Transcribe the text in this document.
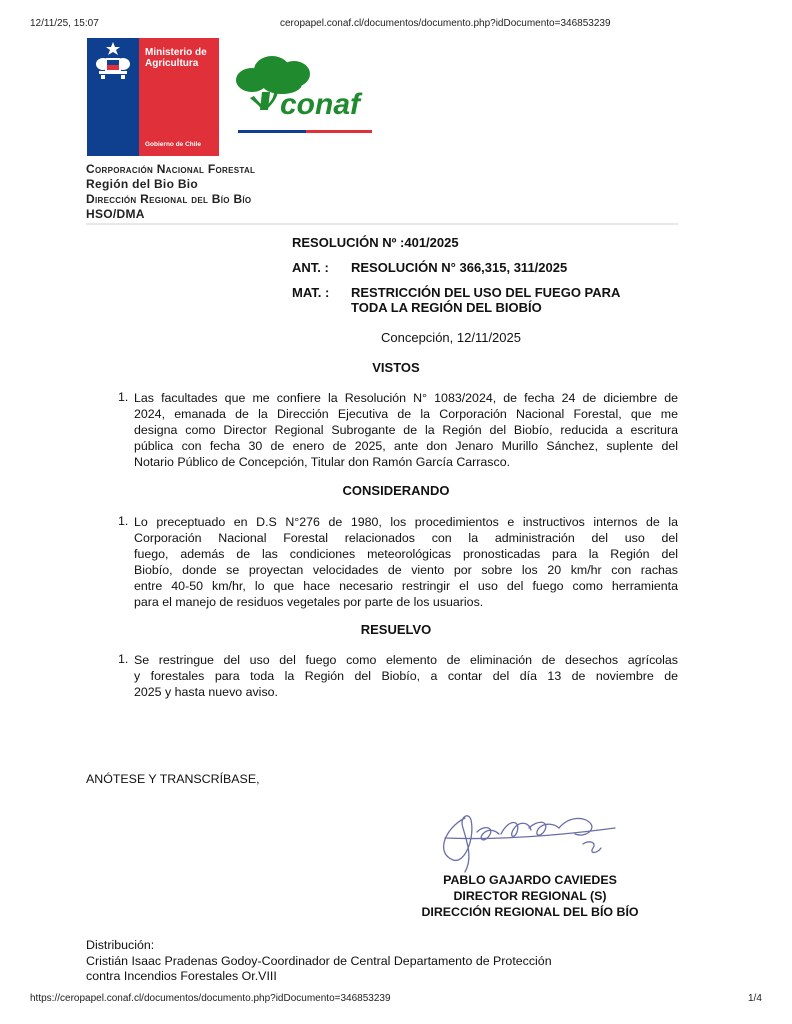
12/11/25, 15:07	ceropapel.conaf.cl/documentos/documento.php?idDocumento=346853239
https://ceropapel.conaf.cl/documentos/documento.php?idDocumento=346853239	1/4
Ministerio de
Agricultura
Gobierno de Chile
conaf
Corporación Nacional Forestal
Región del Bio Bio
Dirección Regional del Bío Bío
HSO/DMA
RESOLUCIÓN Nº :401/2025
ANT. : RESOLUCIÓN N° 366,315, 311/2025
MAT. : RESTRICCIÓN DEL USO DEL FUEGO PARA
TODA LA REGIÓN DEL BIOBÍO
Concepción, 12/11/2025
VISTOS
1. Las facultades que me confiere la Resolución N° 1083/2024, de fecha 24 de diciembre de
2024, emanada de la Dirección Ejecutiva de la Corporación Nacional Forestal, que me
designa como Director Regional Subrogante de la Región del Biobío, reducida a escritura
pública con fecha 30 de enero de 2025, ante don Jenaro Murillo Sánchez, suplente del
Notario Público de Concepción, Titular don Ramón García Carrasco.
CONSIDERANDO
1. Lo preceptuado en D.S N°276 de 1980, los procedimientos e instructivos internos de la
Corporación Nacional Forestal relacionados con la administración del uso del
fuego, además de las condiciones meteorológicas pronosticadas para la Región del
Biobío, donde se proyectan velocidades de viento por sobre los 20 km/hr con rachas
entre 40-50 km/hr, lo que hace necesario restringir el uso del fuego como herramienta
para el manejo de residuos vegetales por parte de los usuarios.
RESUELVO
1. Se restringue del uso del fuego como elemento de eliminación de desechos agrícolas
y forestales para toda la Región del Biobío, a contar del día 13 de noviembre de
2025 y hasta nuevo aviso.
ANÓTESE Y TRANSCRÍBASE,
PABLO GAJARDO CAVIEDES
DIRECTOR REGIONAL (S)
DIRECCIÓN REGIONAL DEL BÍO BÍO
Distribución:
Cristián Isaac Pradenas Godoy-Coordinador de Central Departamento de Protección
contra Incendios Forestales Or.VIII
